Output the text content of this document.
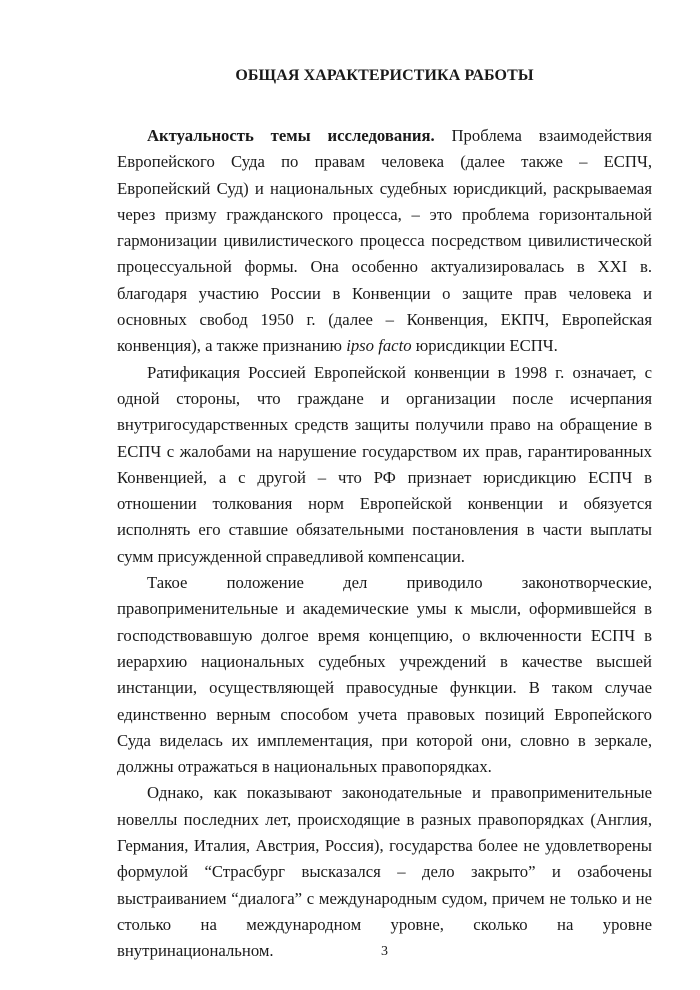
ОБЩАЯ ХАРАКТЕРИСТИКА РАБОТЫ

Актуальность темы исследования. Проблема взаимодействия Европейского Суда по правам человека (далее также – ЕСПЧ, Европейский Суд) и национальных судебных юрисдикций, раскрываемая через призму гражданского процесса, – это проблема горизонтальной гармонизации цивилистического процесса посредством цивилистической процессуальной формы. Она особенно актуализировалась в XXI в. благодаря участию России в Конвенции о защите прав человека и основных свобод 1950 г. (далее – Конвенция, ЕКПЧ, Европейская конвенция), а также признанию ipso facto юрисдикции ЕСПЧ.

Ратификация Россией Европейской конвенции в 1998 г. означает, с одной стороны, что граждане и организации после исчерпания внутригосударственных средств защиты получили право на обращение в ЕСПЧ с жалобами на нарушение государством их прав, гарантированных Конвенцией, а с другой – что РФ признает юрисдикцию ЕСПЧ в отношении толкования норм Европейской конвенции и обязуется исполнять его ставшие обязательными постановления в части выплаты сумм присужденной справедливой компенсации.

Такое положение дел приводило законотворческие, правоприменительные и академические умы к мысли, оформившейся в господствовавшую долгое время концепцию, о включенности ЕСПЧ в иерархию национальных судебных учреждений в качестве высшей инстанции, осуществляющей правосудные функции. В таком случае единственно верным способом учета правовых позиций Европейского Суда виделась их имплементация, при которой они, словно в зеркале, должны отражаться в национальных правопорядках.

Однако, как показывают законодательные и правоприменительные новеллы последних лет, происходящие в разных правопорядках (Англия, Германия, Италия, Австрия, Россия), государства более не удовлетворены формулой “Страсбург высказался – дело закрыто” и озабочены выстраиванием “диалога” с международным судом, причем не только и не столько на международном уровне, сколько на уровне внутринациональном.	3
